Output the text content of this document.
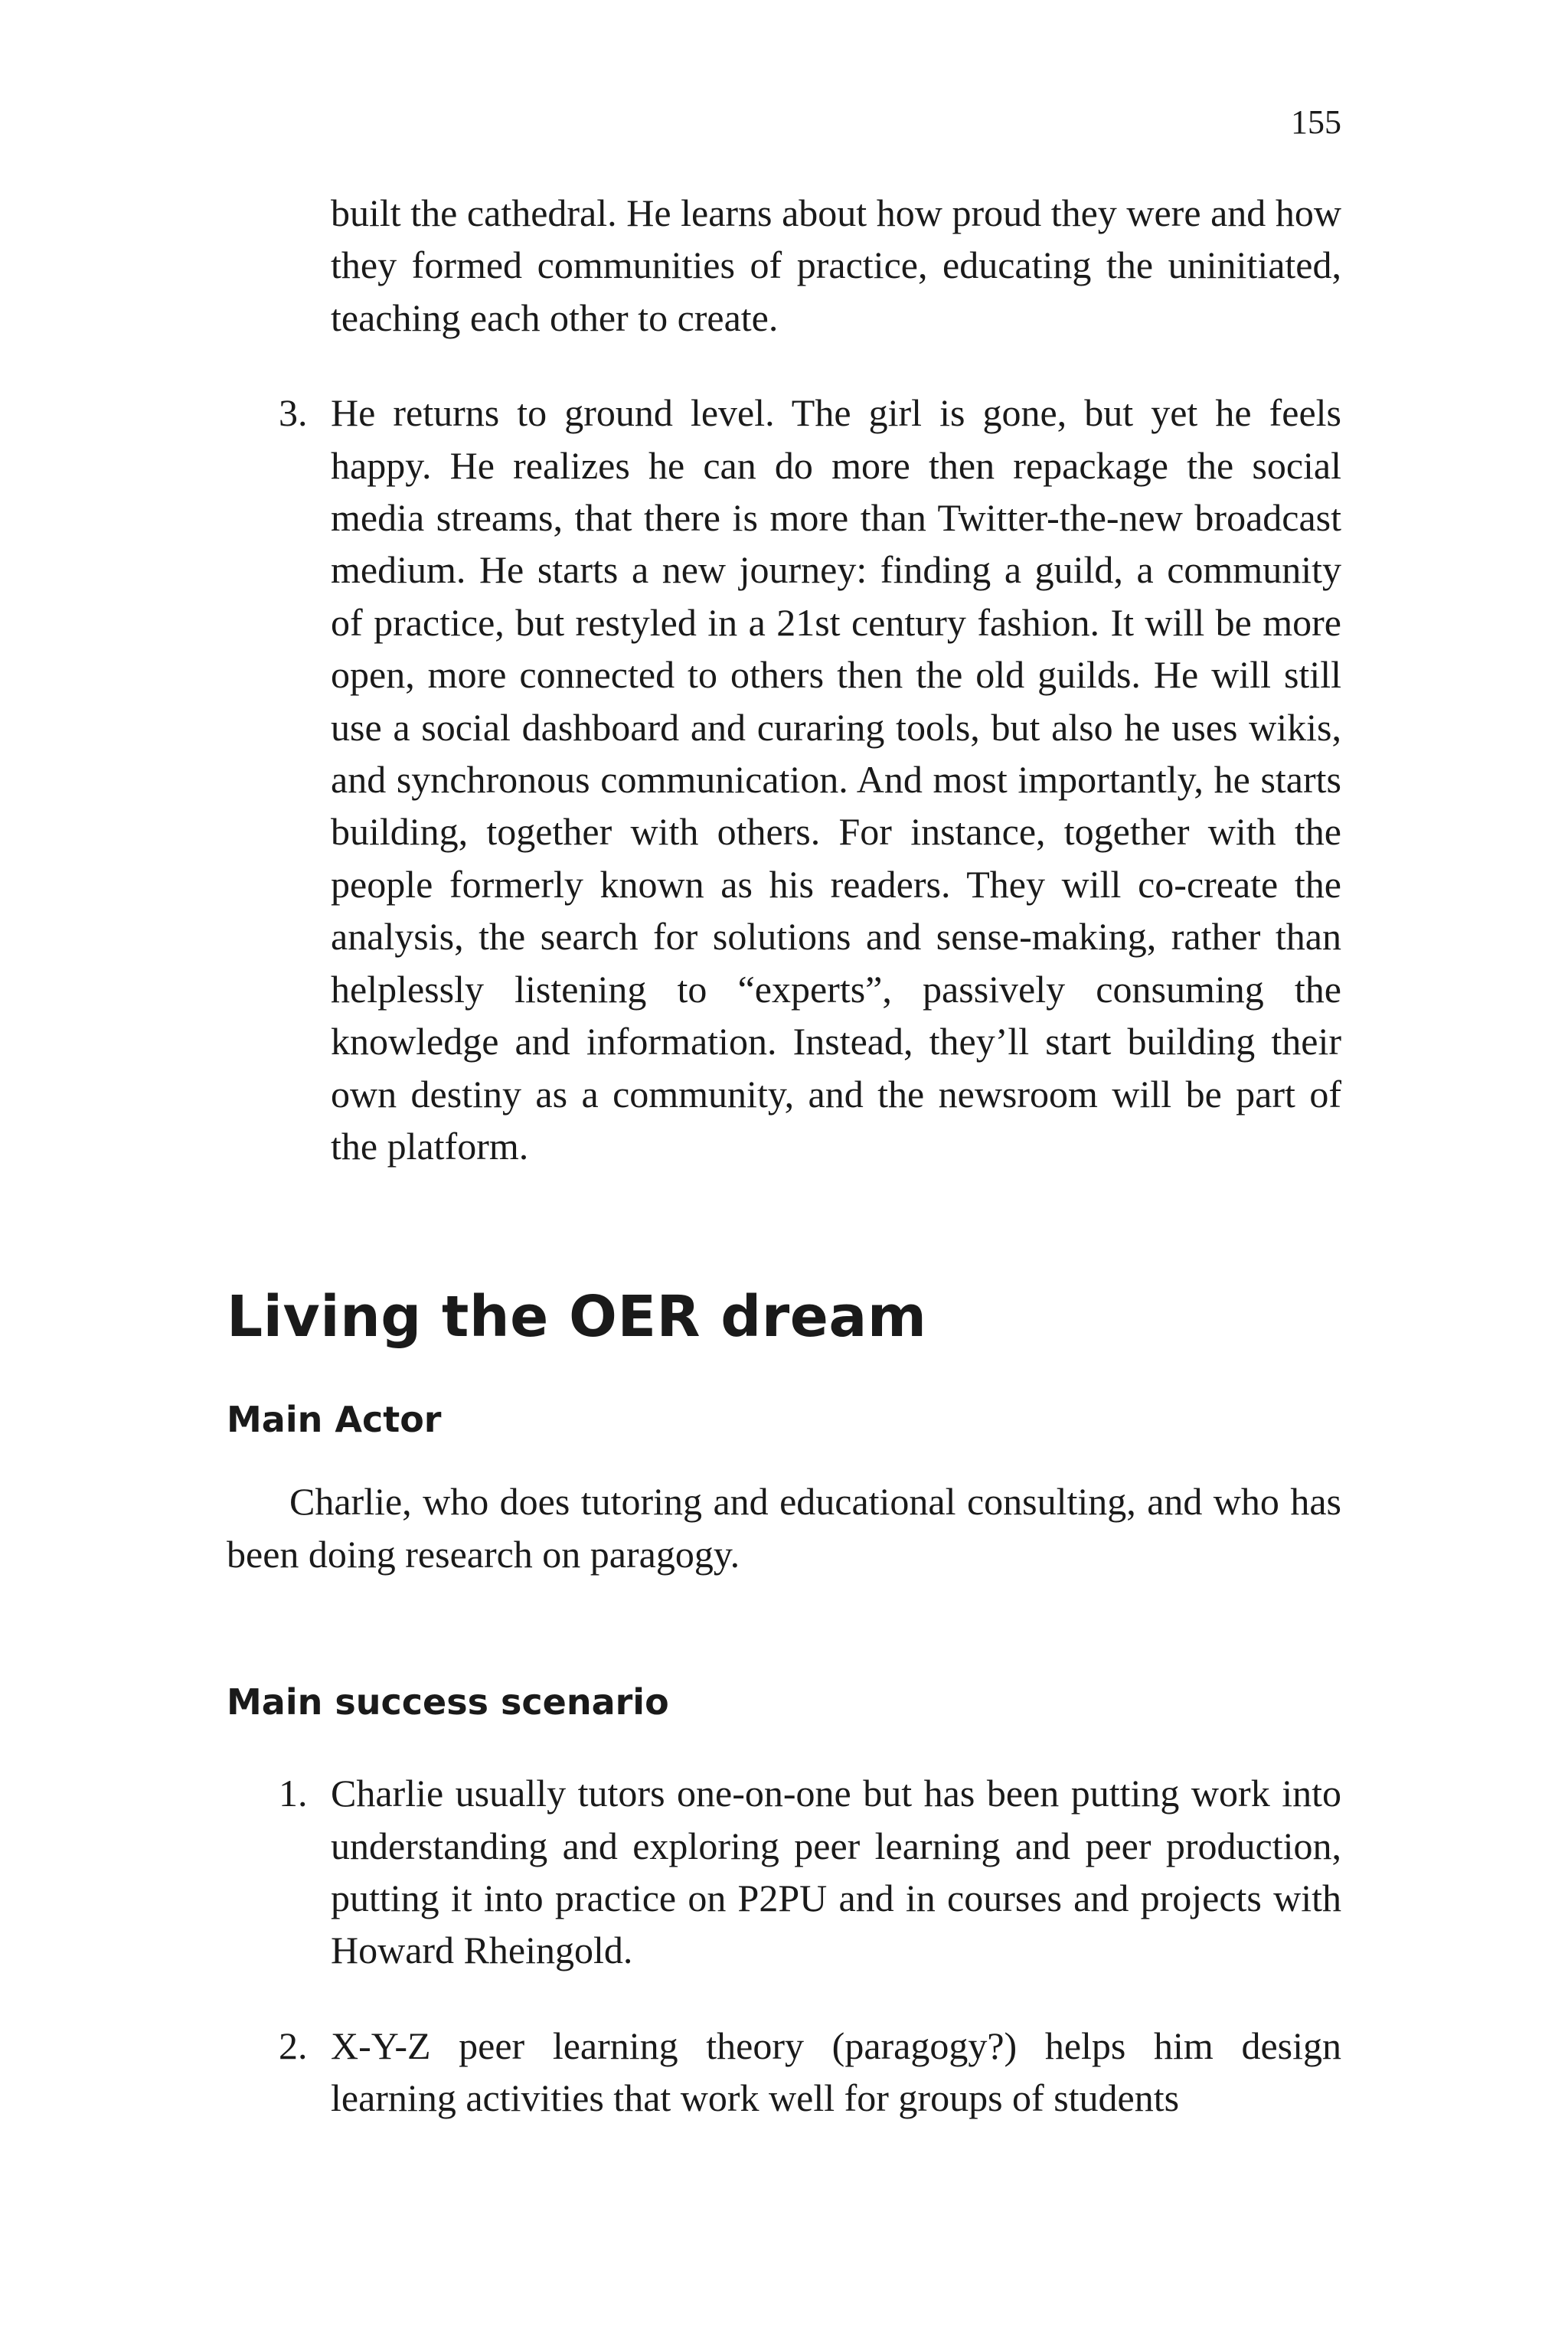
155
built the cathedral. He learns about how proud they were and how they formed communities of practice, educating the uninitiated, teaching each other to create.
3. He returns to ground level. The girl is gone, but yet he feels happy. He realizes he can do more then repackage the social media streams, that there is more than Twitter-the-new broadcast medium. He starts a new journey: finding a guild, a community of practice, but restyled in a 21st century fashion. It will be more open, more connected to others then the old guilds. He will still use a social dashboard and curaring tools, but also he uses wikis, and synchronous communication. And most importantly, he starts building, together with others. For instance, together with the people formerly known as his readers. They will co-create the analysis, the search for solutions and sense-making, rather than helplessly listening to “experts”, passively consuming the knowledge and information. Instead, they’ll start building their own destiny as a community, and the newsroom will be part of the platform.
Living the OER dream
Main Actor

Charlie, who does tutoring and educational consulting, and who has been doing research on paragogy.

Main success scenario
1. Charlie usually tutors one-on-one but has been putting work into understanding and exploring peer learning and peer production, putting it into practice on P2PU and in courses and projects with Howard Rheingold.
2. X-Y-Z peer learning theory (paragogy?) helps him design learning activities that work well for groups of students
